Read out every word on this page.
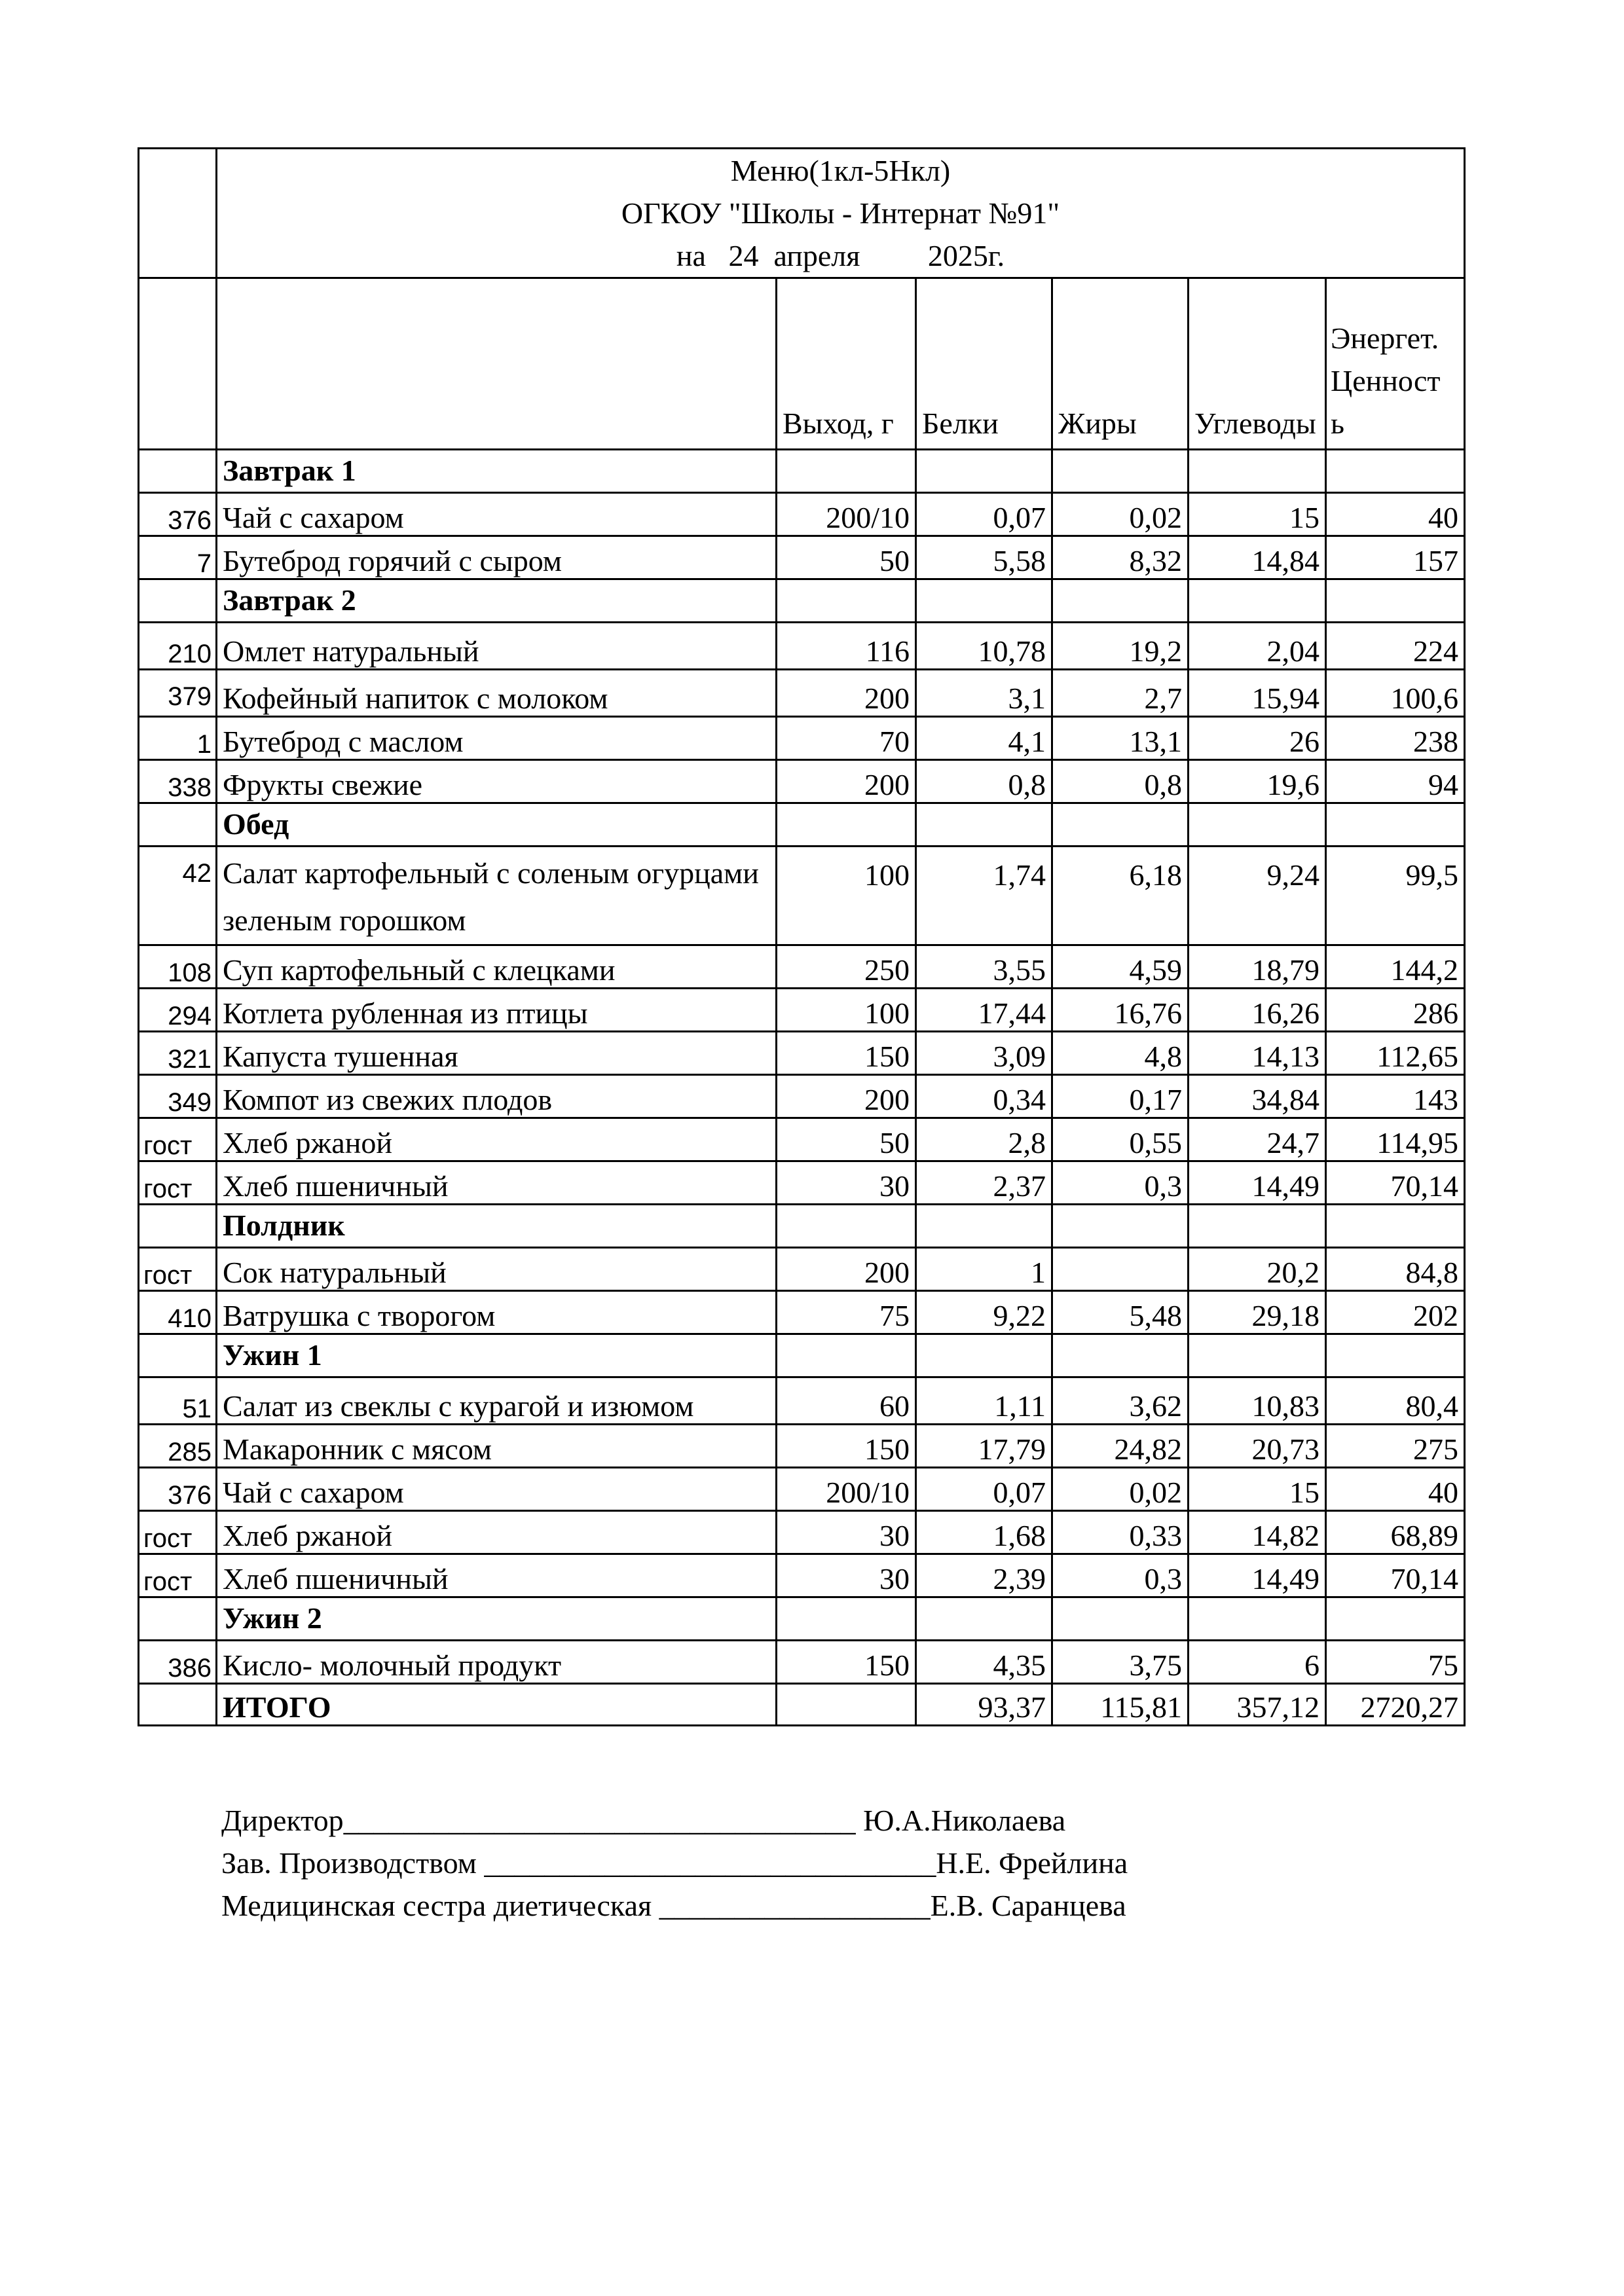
	Меню(1кл-5Нкл)
ОГКОУ "Школы - Интернат №91"
на   24  апреля         2025г.					

		Выход, г	Белки	Жиры	Углеводы	Энергет.
Ценност
ь

	Завтрак 1					
376	Чай с сахаром	200/10	0,07	0,02	15	40
7	Бутеброд горячий с сыром	50	5,58	8,32	14,84	157
	Завтрак 2					
210	Омлет натуральный	116	10,78	19,2	2,04	224
379	Кофейный напиток с молоком	200	3,1	2,7	15,94	100,6
1	Бутеброд с маслом	70	4,1	13,1	26	238
338	Фрукты свежие	200	0,8	0,8	19,6	94
	Обед					
42	Салат картофельный с соленым огурцами зеленым горошком	100	1,74	6,18	9,24	99,5
108	Суп картофельный с клецками	250	3,55	4,59	18,79	144,2
294	Котлета рубленная из птицы	100	17,44	16,76	16,26	286
321	Капуста тушенная	150	3,09	4,8	14,13	112,65
349	Компот из свежих плодов	200	0,34	0,17	34,84	143
гост	Хлеб ржаной	50	2,8	0,55	24,7	114,95
гост	Хлеб пшеничный	30	2,37	0,3	14,49	70,14
	Полдник					
гост	Сок натуральный	200	1		20,2	84,8
410	Ватрушка с творогом	75	9,22	5,48	29,18	202
	Ужин 1					
51	Салат из свеклы с курагой и изюмом	60	1,11	3,62	10,83	80,4
285	Макаронник с мясом	150	17,79	24,82	20,73	275
376	Чай с сахаром	200/10	0,07	0,02	15	40
гост	Хлеб ржаной	30	1,68	0,33	14,82	68,89
гост	Хлеб пшеничный	30	2,39	0,3	14,49	70,14
	Ужин 2					
386	Кисло- молочный продукт	150	4,35	3,75	6	75
	ИТОГО		93,37	115,81	357,12	2720,27
Директор__________________________________ Ю.А.Николаева
Зав. Производством ______________________________Н.Е. Фрейлина
Медицинская сестра диетическая __________________Е.В. Саранцева
